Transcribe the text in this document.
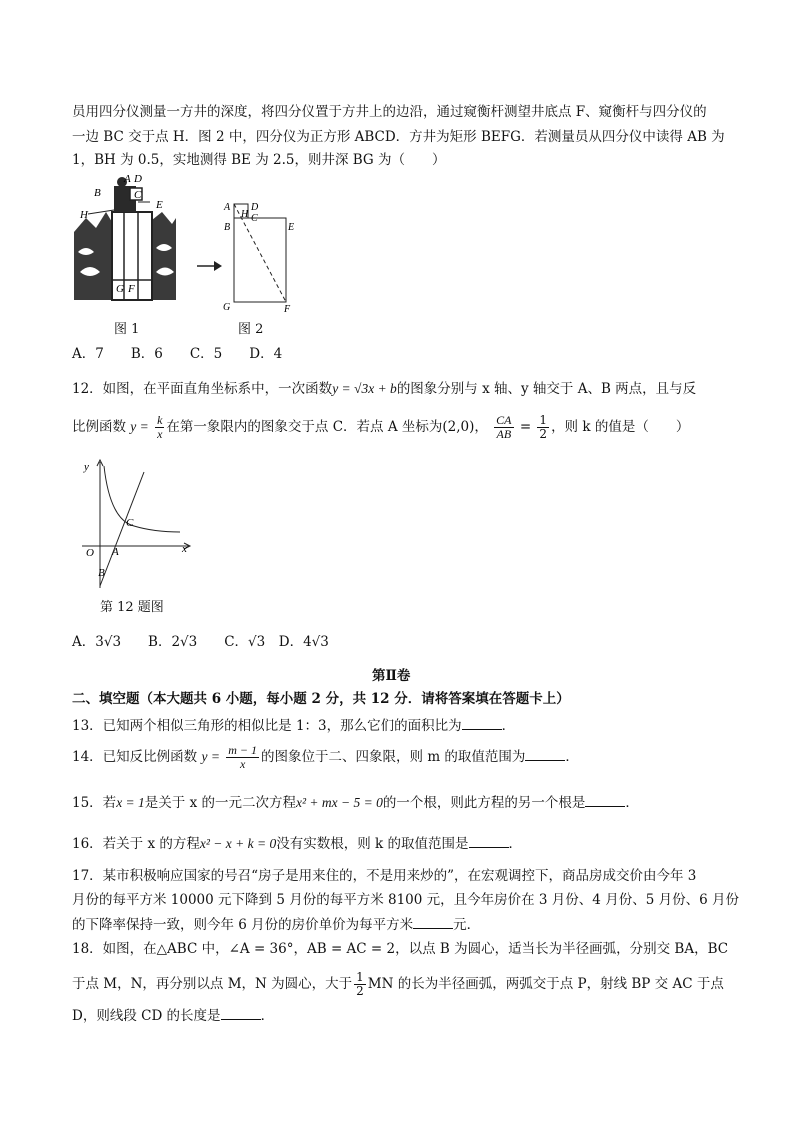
员用四分仪测量一方井的深度，将四分仪置于方井上的边沿，通过窥衡杆测望井底点 F、窥衡杆与四分仪的
一边 BC 交于点 H．图 2 中，四分仪为正方形 ABCD．方井为矩形 BEFG．若测量员从四分仪中读得 AB 为
1，BH 为 0.5，实地测得 BE 为 2.5，则井深 BG 为（　　）
B
A D
C
E
H
G F
A D
H C
B	E
G	F
图 1	图 2
A．7　　B．6　　C．5　　D．4
12．如图，在平面直角坐标系中，一次函数y = √3x + b的图象分别与 x 轴、y 轴交于 A、B 两点，且与反
比例函数 $y = \frac{k}{x}$ 在第一象限内的图象交于点 C．若点 A 坐标为(2,0)， $\frac{CA}{AB} = \frac{1}{2}$ ，则 k 的值是（　　）
y
O A
B
C
x
第 12 题图
A．3√3　　B．2√3　　C．√3　D．4√3
第Ⅱ卷
二、填空题（本大题共 6 小题，每小题 2 分，共 12 分．请将答案填在答题卡上）
13．已知两个相似三角形的相似比是 1：3，那么它们的面积比为	．
14．已知反比例函数 $y = \frac{m - 1}{x}$ 的图象位于二、四象限，则 m 的取值范围为	．
15．若x = 1是关于 x 的一元二次方程x² + mx − 5 = 0的一个根，则此方程的另一个根是	．
16．若关于 x 的方程x² − x + k = 0没有实数根，则 k 的取值范围是	．
17．某市积极响应国家的号召“房子是用来住的，不是用来炒的”，在宏观调控下，商品房成交价由今年 3
月份的每平方米 10000 元下降到 5 月份的每平方米 8100 元，且今年房价在 3 月份、4 月份、5 月份、6 月份
的下降率保持一致，则今年 6 月份的房价单价为每平方米	元．
18．如图，在△ABC 中，∠A = 36°，AB = AC = 2，以点 B 为圆心，适当长为半径画弧，分别交 BA，BC
于点 M，N，再分别以点 M，N 为圆心，大于 $\frac{1}{2}$ MN 的长为半径画弧，两弧交于点 P，射线 BP 交 AC 于点
D，则线段 CD 的长度是	．
